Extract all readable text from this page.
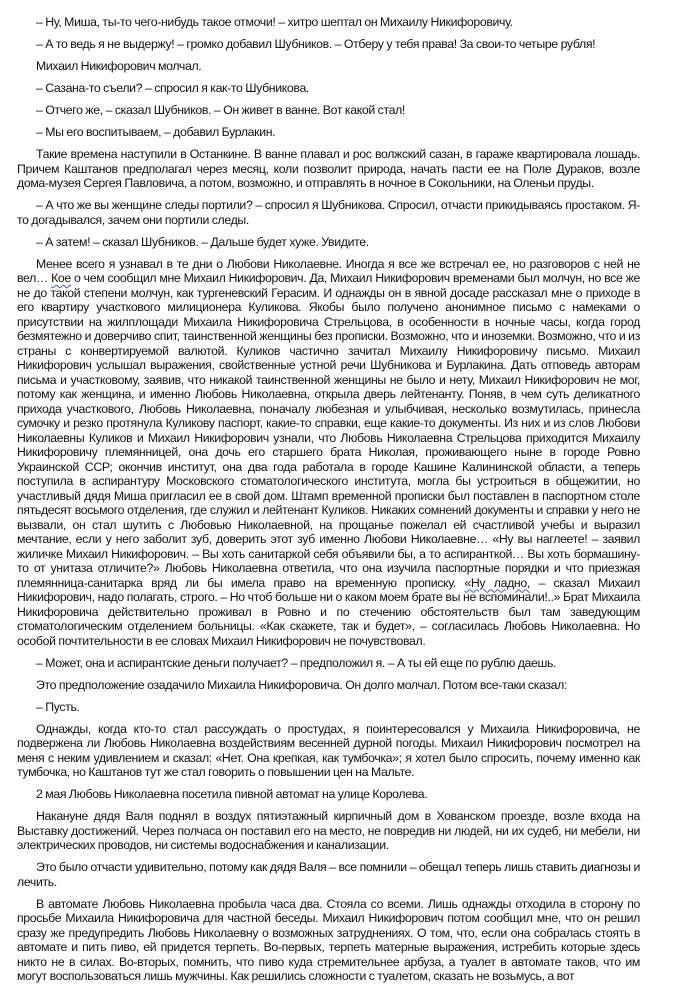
– Ну, Миша, ты-то чего-нибудь такое отмочи! – хитро шептал он Михаилу Никифоровичу.

– А то ведь я не выдержу! – громко добавил Шубников. – Отберу у тебя права! За свои-то четыре рубля!

Михаил Никифорович молчал.

– Сазана-то съели? – спросил я как-то Шубникова.

– Отчего же, – сказал Шубников. – Он живет в ванне. Вот какой стал!

– Мы его воспитываем, – добавил Бурлакин.

Такие времена наступили в Останкине. В ванне плавал и рос волжский сазан, в гараже квартировала лошадь. Причем Каштанов предполагал через месяц, коли позволит природа, начать пасти ее на Поле Дураков, возле дома-музея Сергея Павловича, а потом, возможно, и отправлять в ночное в Сокольники, на Оленьи пруды.

– А что же вы женщине следы портили? – спросил я Шубникова. Спросил, отчасти прикидываясь простаком. Я-то догадывался, зачем они портили следы.

– А затем! – сказал Шубников. – Дальше будет хуже. Увидите.

Менее всего я узнавал в те дни о Любови Николаевне. Иногда я все же встречал ее, но разговоров с ней не вел… Кое о чем сообщил мне Михаил Никифорович. Да, Михаил Никифорович временами был молчун, но все же не до такой степени молчун, как тургеневский Герасим. И однажды он в явной досаде рассказал мне о приходе в его квартиру участкового милиционера Куликова. Якобы было получено анонимное письмо с намеками о присутствии на жилплощади Михаила Никифоровича Стрельцова, в особенности в ночные часы, когда город безмятежно и доверчиво спит, таинственной женщины без прописки. Возможно, что и иноземки. Возможно, что и из страны с конвертируемой валютой. Куликов частично зачитал Михаилу Никифоровичу письмо. Михаил Никифорович услышал выражения, свойственные устной речи Шубникова и Бурлакина. Дать отповедь авторам письма и участковому, заявив, что никакой таинственной женщины не было и нету, Михаил Никифорович не мог, потому как женщина, и именно Любовь Николаевна, открыла дверь лейтенанту. Поняв, в чем суть деликатного прихода участкового, Любовь Николаевна, поначалу любезная и улыбчивая, несколько возмутилась, принесла сумочку и резко протянула Куликову паспорт, какие-то справки, еще какие-то документы. Из них и из слов Любови Николаевны Куликов и Михаил Никифорович узнали, что Любовь Николаевна Стрельцова приходится Михаилу Никифоровичу племянницей, она дочь его старшего брата Николая, проживающего ныне в городе Ровно Украинской ССР; окончив институт, она два года работала в городе Кашине Калининской области, а теперь поступила в аспирантуру Московского стоматологического института, могла бы устроиться в общежитии, но участливый дядя Миша пригласил ее в свой дом. Штамп временной прописки был поставлен в паспортном столе пятьдесят восьмого отделения, где служил и лейтенант Куликов. Никаких сомнений документы и справки у него не вызвали, он стал шутить с Любовью Николаевной, на прощанье пожелал ей счастливой учебы и выразил мечтание, если у него заболит зуб, доверить этот зуб именно Любови Николаевне… «Ну вы наглеете! – заявил жиличке Михаил Никифорович. – Вы хоть санитаркой себя объявили бы, а то аспиранткой… Вы хоть бормашину-то от унитаза отличите?» Любовь Николаевна ответила, что она изучила паспортные порядки и что приезжая племянница-санитарка вряд ли бы имела право на временную прописку. «Ну ладно, – сказал Михаил Никифорович, надо полагать, строго. – Но чтоб больше ни о каком моем брате вы не вспоминали!..» Брат Михаила Никифоровича действительно проживал в Ровно и по стечению обстоятельств был там заведующим стоматологическим отделением больницы. «Как скажете, так и будет», – согласилась Любовь Николаевна. Но особой почтительности в ее словах Михаил Никифорович не почувствовал.

– Может, она и аспирантские деньги получает? – предположил я. – А ты ей еще по рублю даешь.

Это предположение озадачило Михаила Никифоровича. Он долго молчал. Потом все-таки сказал:

– Пусть.

Однажды, когда кто-то стал рассуждать о простудах, я поинтересовался у Михаила Никифоровича, не подвержена ли Любовь Николаевна воздействиям весенней дурной погоды. Михаил Никифорович посмотрел на меня с неким удивлением и сказал: «Нет. Она крепкая, как тумбочка»; я хотел было спросить, почему именно как тумбочка, но Каштанов тут же стал говорить о повышении цен на Мальте.

2 мая Любовь Николаевна посетила пивной автомат на улице Королева.

Накануне дядя Валя поднял в воздух пятиэтажный кирпичный дом в Хованском проезде, возле входа на Выставку достижений. Через полчаса он поставил его на место, не повредив ни людей, ни их судеб, ни мебели, ни электрических проводов, ни системы водоснабжения и канализации.

Это было отчасти удивительно, потому как дядя Валя – все помнили – обещал теперь лишь ставить диагнозы и лечить.

В автомате Любовь Николаевна пробыла часа два. Стояла со всеми. Лишь однажды отходила в сторону по просьбе Михаила Никифоровича для частной беседы. Михаил Никифорович потом сообщил мне, что он решил сразу же предупредить Любовь Николаевну о возможных затруднениях. О том, что, если она собралась стоять в автомате и пить пиво, ей придется терпеть. Во-первых, терпеть матерные выражения, истребить которые здесь никто не в силах. Во-вторых, помнить, что пиво куда стремительнее арбуза, а туалет в автомате таков, что им могут воспользоваться лишь мужчины. Как решились сложности с туалетом, сказать не возьмусь, а вот
